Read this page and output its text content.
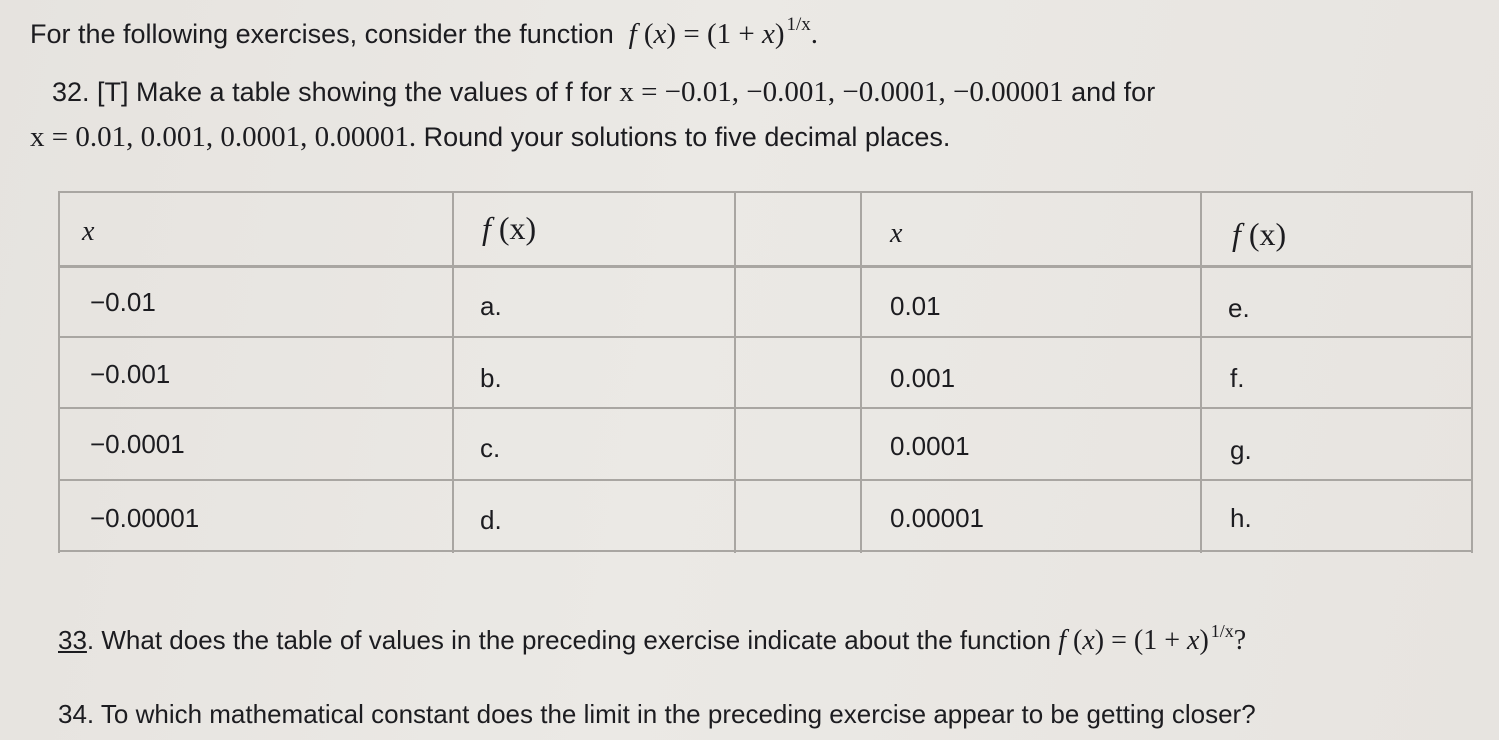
For the following exercises, consider the function f (x) = (1 + x) $^{1/x}$.
32. [T] Make a table showing the values of f for x = −0.01, −0.001, −0.0001, −0.00001 and for
x = 0.01, 0.001, 0.0001, 0.00001. Round your solutions to five decimal places.
x	f (x)	x	f (x)
−0.01	a.	0.01	e.
−0.001	b.	0.001	f.
−0.0001	c.	0.0001	g.
−0.00001	d.	0.00001	h.
33. What does the table of values in the preceding exercise indicate about the function f (x) = (1 + x) $^{1/x}$?
34. To which mathematical constant does the limit in the preceding exercise appear to be getting closer?
